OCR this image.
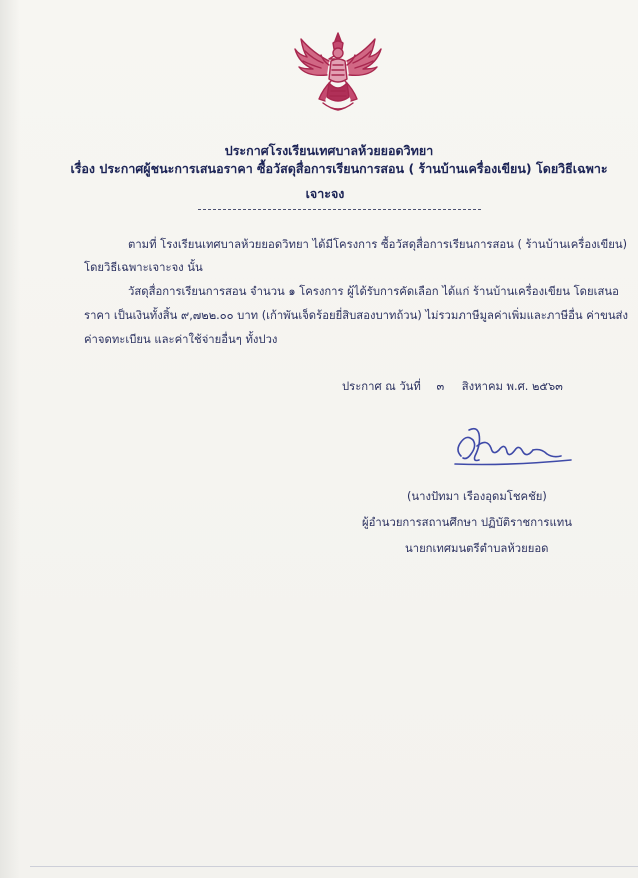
ประกาศโรงเรียนเทศบาลห้วยยอดวิทยา
เรื่อง ประกาศผู้ชนะการเสนอราคา ซื้อวัสดุสื่อการเรียนการสอน ( ร้านบ้านเครื่องเขียน) โดยวิธีเฉพาะ
เจาะจง
ตามที่ โรงเรียนเทศบาลห้วยยอดวิทยา ได้มีโครงการ ซื้อวัสดุสื่อการเรียนการสอน ( ร้านบ้านเครื่องเขียน)
โดยวิธีเฉพาะเจาะจง นั้น
วัสดุสื่อการเรียนการสอน จำนวน ๑ โครงการ ผู้ได้รับการคัดเลือก ได้แก่ ร้านบ้านเครื่องเขียน โดยเสนอ
ราคา เป็นเงินทั้งสิ้น ๙,๗๒๒.๐๐ บาท (เก้าพันเจ็ดร้อยยี่สิบสองบาทถ้วน) ไม่รวมภาษีมูลค่าเพิ่มและภาษีอื่น ค่าขนส่ง
ค่าจดทะเบียน และค่าใช้จ่ายอื่นๆ ทั้งปวง
ประกาศ ณ วันที่ ๓ สิงหาคม พ.ศ. ๒๕๖๓
(นางปัทมา เรืองอุดมโชคชัย)
ผู้อำนวยการสถานศึกษา ปฏิบัติราชการแทน
นายกเทศมนตรีตำบลห้วยยอด
